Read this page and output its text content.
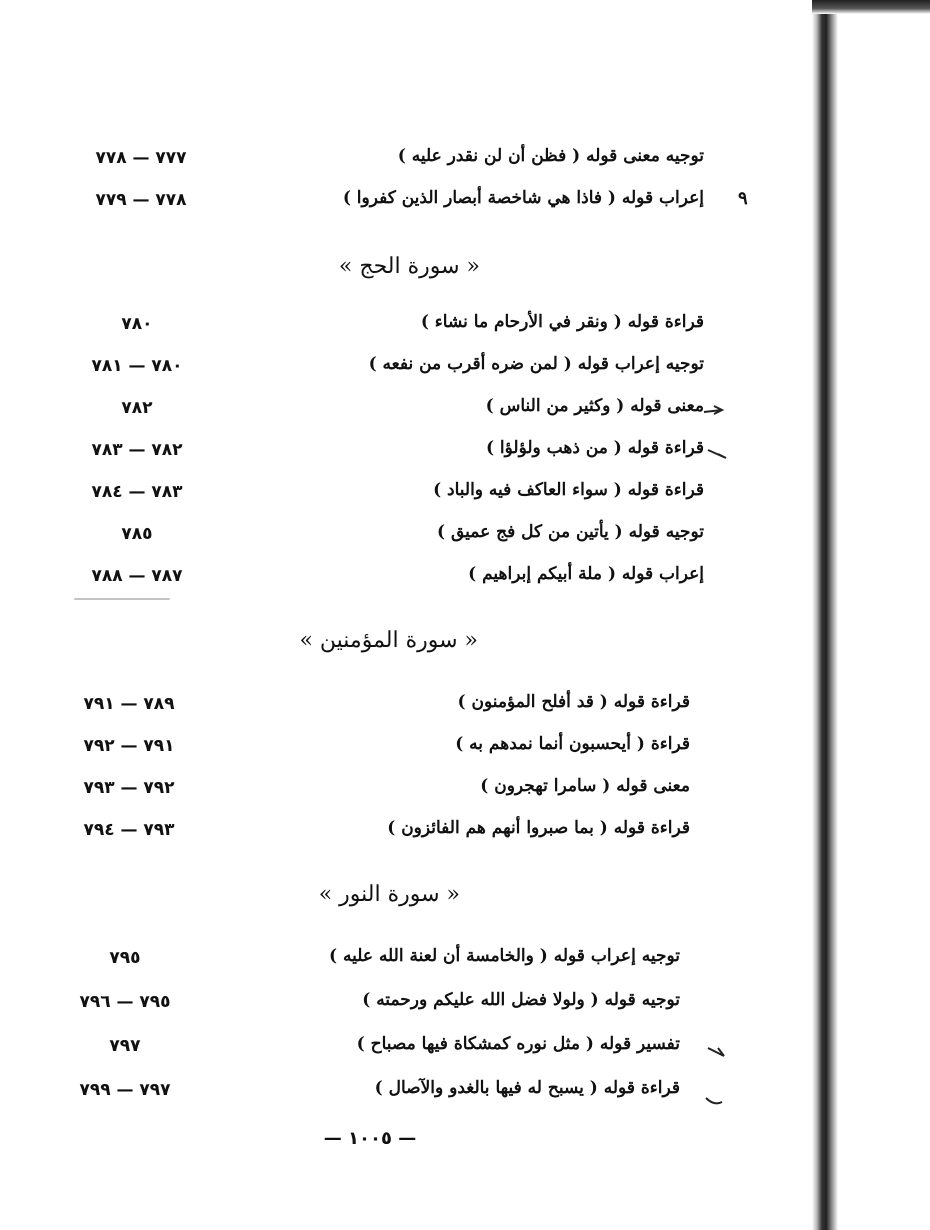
توجيه معنى قوله ( فظن أن لن نقدر عليه )
٧٧٧ — ٧٧٨
إعراب قوله ( فاذا هي شاخصة أبصار الذين كفروا )
٧٧٨ — ٧٧٩	٩
« سورة الحج »
قراءة قوله ( ونقر في الأرحام ما نشاء )
٧٨٠
توجيه إعراب قوله ( لمن ضره أقرب من نفعه )
٧٨٠ — ٧٨١
معنى قوله ( وكثير من الناس )
٧٨٢
قراءة قوله ( من ذهب ولؤلؤا )
٧٨٢ — ٧٨٣
قراءة قوله ( سواء العاكف فيه والباد )
٧٨٣ — ٧٨٤
توجيه قوله ( يأتين من كل فج عميق )
٧٨٥
إعراب قوله ( ملة أبيكم إبراهيم )
٧٨٧ — ٧٨٨
« سورة المؤمنين »
قراءة قوله ( قد أفلح المؤمنون )
٧٨٩ — ٧٩١
قراءة ( أيحسبون أنما نمدهم به )
٧٩١ — ٧٩٢
معنى قوله ( سامرا تهجرون )
٧٩٢ — ٧٩٣
قراءة قوله ( بما صبروا أنهم هم الفائزون )
٧٩٣ — ٧٩٤
« سورة النور »
توجيه إعراب قوله ( والخامسة أن لعنة الله عليه )
٧٩٥
توجيه قوله ( ولولا فضل الله عليكم ورحمته )
٧٩٥ — ٧٩٦
تفسير قوله ( مثل نوره كمشكاة فيها مصباح )
٧٩٧
قراءة قوله ( يسبح له فيها بالغدو والآصال )
٧٩٧ — ٧٩٩
— ١٠٠٥ —
